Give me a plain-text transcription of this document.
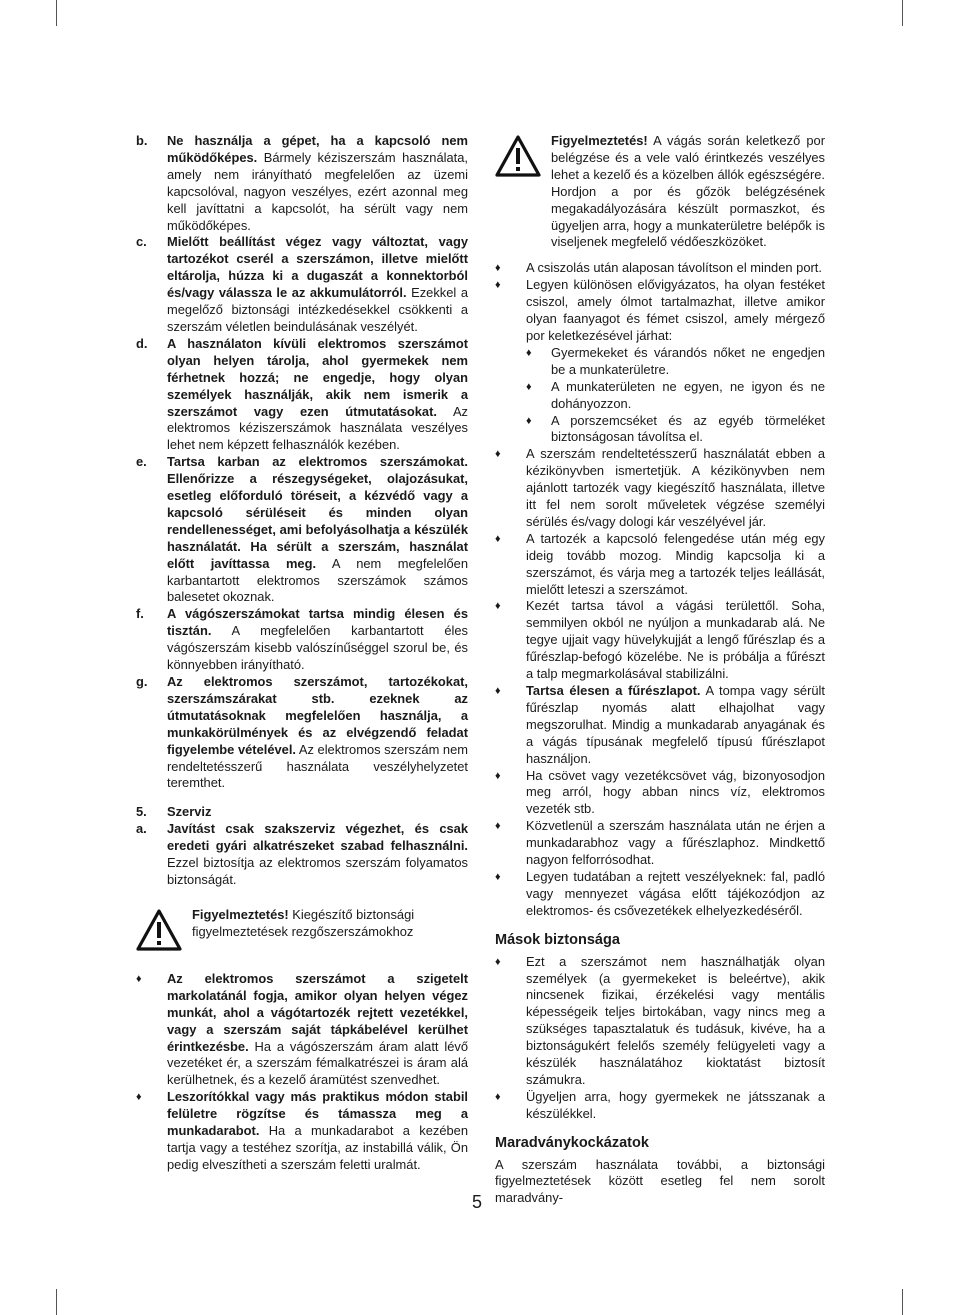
b. Ne használja a gépet, ha a kapcsoló nem működőképes. Bármely kéziszerszám használata, amely nem irányítható megfelelően az üzemi kapcsolóval, nagyon veszélyes, ezért azonnal meg kell javíttatni a kapcsolót, ha sérült vagy nem működőképes.
c. Mielőtt beállítást végez vagy változtat, vagy tartozékot cserél a szerszámon, illetve mielőtt eltárolja, húzza ki a dugaszát a konnektorból és/vagy válassza le az akkumulátorról. Ezekkel a megelőző biztonsági intézkedésekkel csökkenti a szerszám véletlen beindulásának veszélyét.
d. A használaton kívüli elektromos szerszámot olyan helyen tárolja, ahol gyermekek nem férhetnek hozzá; ne engedje, hogy olyan személyek használják, akik nem ismerik a szerszámot vagy ezen útmutatásokat. Az elektromos kéziszerszámok használata veszélyes lehet nem képzett felhasználók kezében.
e. Tartsa karban az elektromos szerszámokat. Ellenőrizze a részegységeket, olajozásukat, esetleg előforduló töréseit, a kézvédő vagy a kapcsoló sérüléseit és minden olyan rendellenességet, ami befolyásolhatja a készülék használatát. Ha sérült a szerszám, használat előtt javíttassa meg. A nem megfelelően karbantartott elektromos szerszámok számos balesetet okoznak.
f. A vágószerszámokat tartsa mindig élesen és tisztán. A megfelelően karbantartott éles vágószerszám kisebb valószínűséggel szorul be, és könnyebben irányítható.
g. Az elektromos szerszámot, tartozékokat, szerszámszárakat stb. ezeknek az útmutatásoknak megfelelően használja, a munkakörülmények és az elvégzendő feladat figyelembe vételével. Az elektromos szerszám nem rendeltetésszerű használata veszélyhelyzetet teremthet.
5. Szerviz
a. Javítást csak szakszerviz végezhet, és csak eredeti gyári alkatrészeket szabad felhasználni. Ezzel biztosítja az elektromos szerszám folyamatos biztonságát.

Figyelmeztetés! Kiegészítő biztonsági figyelmeztetések rezgőszerszámokhoz

♦ Az elektromos szerszámot a szigetelt markolatánál fogja, amikor olyan helyen végez munkát, ahol a vágótartozék rejtett vezetékkel, vagy a szerszám saját tápkábelével kerülhet érintkezésbe. Ha a vágószerszám áram alatt lévő vezetéket ér, a szerszám fémalkatrészei is áram alá kerülhetnek, és a kezelő áramütést szenvedhet.
♦ Leszorítókkal vagy más praktikus módon stabil felületre rögzítse és támassza meg a munkadarabot. Ha a munkadarabot a kezében tartja vagy a testéhez szorítja, az instabillá válik, Ön pedig elveszítheti a szerszám feletti uralmát.

Figyelmeztetés! A vágás során keletkező por belégzése és a vele való érintkezés veszélyes lehet a kezelő és a közelben állók egészségére. Hordjon a por és gőzök belégzésének megakadályozására készült pormaszkot, és ügyeljen arra, hogy a munkaterületre belépők is viseljenek megfelelő védőeszközöket.

♦ A csiszolás után alaposan távolítson el minden port.
♦ Legyen különösen elővigyázatos, ha olyan festéket csiszol, amely ólmot tartalmazhat, illetve amikor olyan faanyagot és fémet csiszol, amely mérgező por keletkezésével járhat:
♦ Gyermekeket és várandós nőket ne engedjen be a munkaterületre.
♦ A munkaterületen ne egyen, ne igyon és ne dohányozzon.
♦ A porszemcséket és az egyéb törmeléket biztonságosan távolítsa el.
♦ A szerszám rendeltetésszerű használatát ebben a kézikönyvben ismertetjük. A kézikönyvben nem ajánlott tartozék vagy kiegészítő használata, illetve itt fel nem sorolt műveletek végzése személyi sérülés és/vagy dologi kár veszélyével jár.
♦ A tartozék a kapcsoló felengedése után még egy ideig tovább mozog. Mindig kapcsolja ki a szerszámot, és várja meg a tartozék teljes leállását, mielőtt leteszi a szerszámot.
♦ Kezét tartsa távol a vágási területtől. Soha, semmilyen okból ne nyúljon a munkadarab alá. Ne tegye ujjait vagy hüvelykujját a lengő fűrészlap és a fűrészlap-befogó közelébe. Ne is próbálja a fűrészt a talp megmarkolásával stabilizálni.
♦ Tartsa élesen a fűrészlapot. A tompa vagy sérült fűrészlap nyomás alatt elhajolhat vagy megszorulhat. Mindig a munkadarab anyagának és a vágás típusának megfelelő típusú fűrészlapot használjon.
♦ Ha csövet vagy vezetékcsövet vág, bizonyosodjon meg arról, hogy abban nincs víz, elektromos vezeték stb.
♦ Közvetlenül a szerszám használata után ne érjen a munkadarabhoz vagy a fűrészlaphoz. Mindkettő nagyon felforrósodhat.
♦ Legyen tudatában a rejtett veszélyeknek: fal, padló vagy mennyezet vágása előtt tájékozódjon az elektromos- és csővezetékek elhelyezkedéséről.
Mások biztonsága
♦ Ezt a szerszámot nem használhatják olyan személyek (a gyermekeket is beleértve), akik nincsenek fizikai, érzékelési vagy mentális képességeik teljes birtokában, vagy nincs meg a szükséges tapasztalatuk és tudásuk, kivéve, ha a biztonságukért felelős személy felügyeleti vagy a készülék használatához kioktatást biztosít számukra.
♦ Ügyeljen arra, hogy gyermekek ne játsszanak a készülékkel.
Maradványkockázatok

A szerszám használata további, a biztonsági figyelmeztetések között esetleg fel nem sorolt maradvány-

5
